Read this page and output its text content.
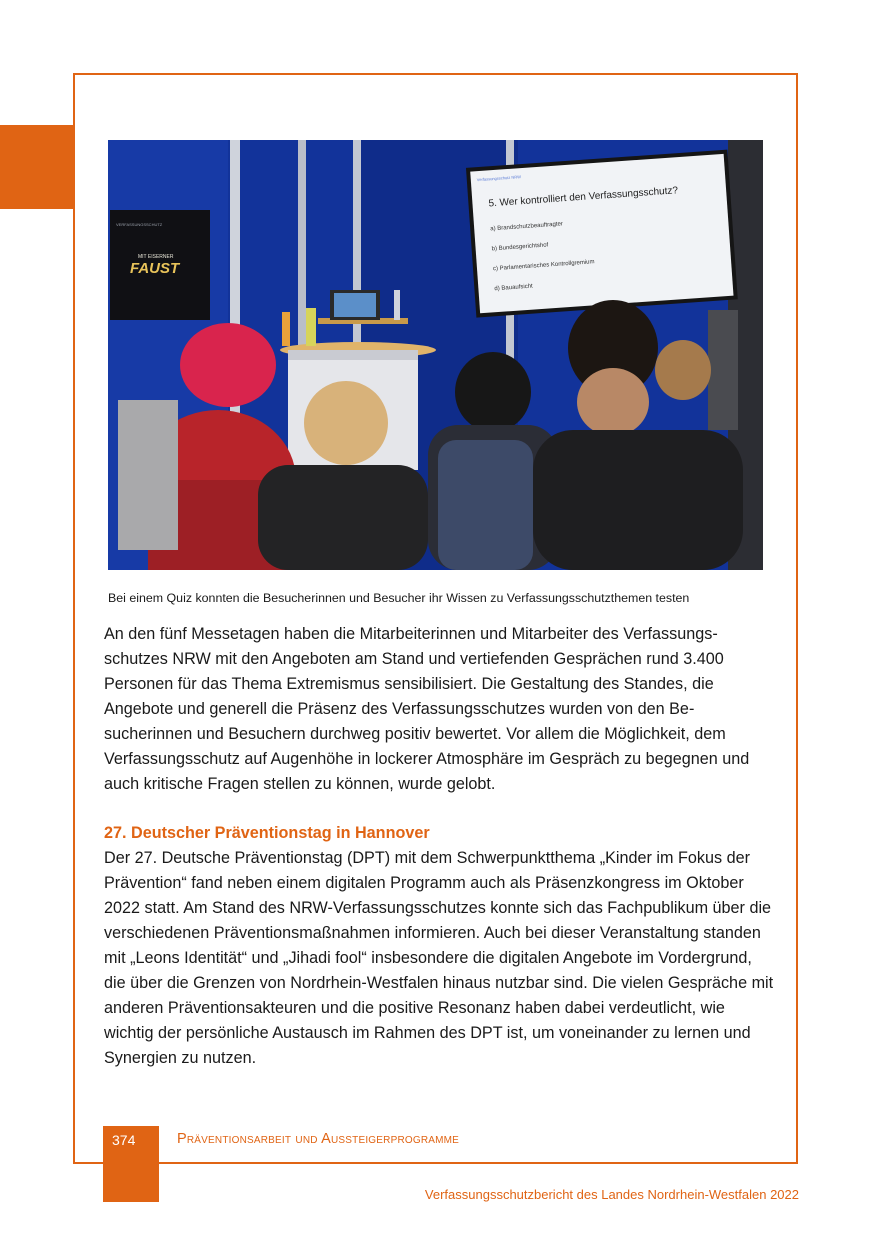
VERFASSUNGSSCHUTZ
MIT EISERNER
FAUST
Verfassungsschutz NRW
5. Wer kontrolliert den Verfassungsschutz?
a) Brandschutzbeauftragter
b) Bundesgerichtshof
c) Parlamentarisches Kontrollgremium
d) Bauaufsicht

Bei einem Quiz konnten die Besucherinnen und Besucher ihr Wissen zu Verfassungsschutzthemen testen

An den fünf Messetagen haben die Mitarbeiterinnen und Mitarbeiter des Verfassungsschutzes NRW mit den Angeboten am Stand und vertiefenden Gesprächen rund 3.400 Personen für das Thema Extremismus sensibilisiert. Die Gestaltung des Standes, die Angebote und generell die Präsenz des Verfassungsschutzes wurden von den Besucherinnen und Besuchern durchweg positiv bewertet. Vor allem die Möglichkeit, dem Verfassungsschutz auf Augenhöhe in lockerer Atmosphäre im Gespräch zu begegnen und auch kritische Fragen stellen zu können, wurde gelobt.

27. Deutscher Präventionstag in Hannover

Der 27. Deutsche Präventionstag (DPT) mit dem Schwerpunktthema „Kinder im Fokus der Prävention“ fand neben einem digitalen Programm auch als Präsenzkongress im Oktober 2022 statt. Am Stand des NRW-Verfassungsschutzes konnte sich das Fachpublikum über die verschiedenen Präventionsmaßnahmen informieren. Auch bei dieser Veranstaltung standen mit „Leons Identität“ und „Jihadi fool“ insbesondere die digitalen Angebote im Vordergrund, die über die Grenzen von Nordrhein-Westfalen hinaus nutzbar sind. Die vielen Gespräche mit anderen Präventionsakteuren und die positive Resonanz haben dabei verdeutlicht, wie wichtig der persönliche Austausch im Rahmen des DPT ist, um voneinander zu lernen und Synergien zu nutzen.

374	Präventionsarbeit und Aussteigerprogramme

Verfassungsschutzbericht des Landes Nordrhein-Westfalen 2022
